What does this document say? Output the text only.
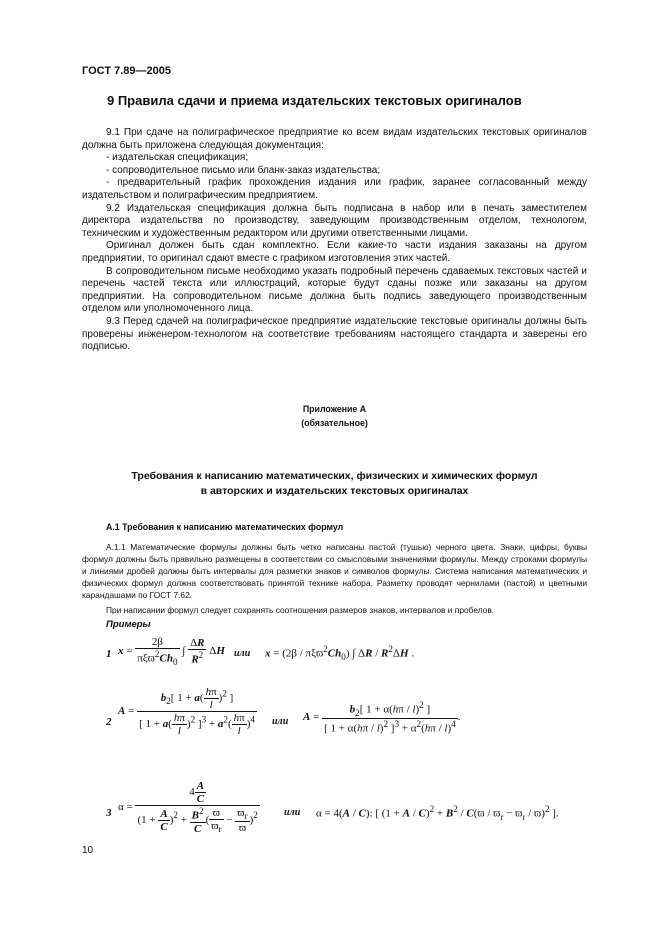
ГОСТ 7.89—2005
9 Правила сдачи и приема издательских текстовых оригиналов

9.1 При сдаче на полиграфическое предприятие ко всем видам издательских текстовых оригиналов должна быть приложена следующая документация:

- издательская спецификация;

- сопроводительное письмо или бланк-заказ издательства;

- предварительный график прохождения издания или график, заранее согласованный между издательством и полиграфическим предприятием.

9.2 Издательская спецификация должна быть подписана в набор или в печать заместителем директора издательства по производству, заведующим производственным отделом, технологом, техническим и художественным редактором или другими ответственными лицами.

Оригинал должен быть сдан комплектно. Если какие-то части издания заказаны на другом предприятии, то оригинал сдают вместе с графиком изготовления этих частей.

В сопроводительном письме необходимо указать подробный перечень сдаваемых текстовых частей и перечень частей текста или иллюстраций, которые будут сданы позже или заказаны на другом предприятии. На сопроводительном письме должна быть подпись заведующего производственным отделом или уполномоченного лица.

9.3 Перед сдачей на полиграфическое предприятие издательские текстовые оригиналы должны быть проверены инженером-технологом на соответствие требованиям настоящего стандарта и заверены его подписью.

Приложение А
(обязательное)
Требования к написанию математических, физических и химических формул
в авторских и издательских текстовых оригиналах
А.1 Требования к написанию математических формул

А.1.1 Математические формулы должны быть четко написаны пастой (тушью) черного цвета. Знаки, цифры, буквы формул должны быть правильно размещены в соответствии со смысловыми значениями формулы. Между строками формулы и линиями дробей должны быть интервалы для разметки знаков и символов формулы. Система написания математических и физических формул должна соответствовать принятой технике набора. Разметку проводят чернилами (пастой) и цветными карандашами по ГОСТ 7.62.

При написании формул следует сохранять соотношения размеров знаков, интервалов и пробелов.

Примеры
1 $x = \frac{2\beta}{\pi\xi ϖ^2Ch_0}$ ∫ $\frac{\Delta R}{R^2}$ ΔH или $x = (2\beta / \pi\xi ϖ^2Ch_0)$ ∫ ΔR / $R^2\Delta H$ .
2
$A = \frac{b_2[ 1 + a( \frac{h\pi}{l} )^2 ]}{[ 1 + a( \frac{h\pi}{l} )^2 ]^3 + a^2( \frac{h\pi}{l} )^4}$ или $A = \frac{b_2[ 1 + \alpha(h\pi / l)^2 ]}{[ 1 + \alpha(h\pi / l)^2 ]^3 + \alpha^2(h\pi / l)^4}$ .
3
$\alpha = \frac{4 \frac{A}{C}}{(1 + \frac{A}{C} )^2 + \frac{B^2}{C} ( \frac{ϖ}{ϖ_r} - \frac{ϖ_r}{ϖ} )^2}$ или α = 4(A / C): [ $(1 + A / C)^2 + B^2 / C(ϖ / ϖ_r - ϖ_r / ϖ)^2$ ].
10
